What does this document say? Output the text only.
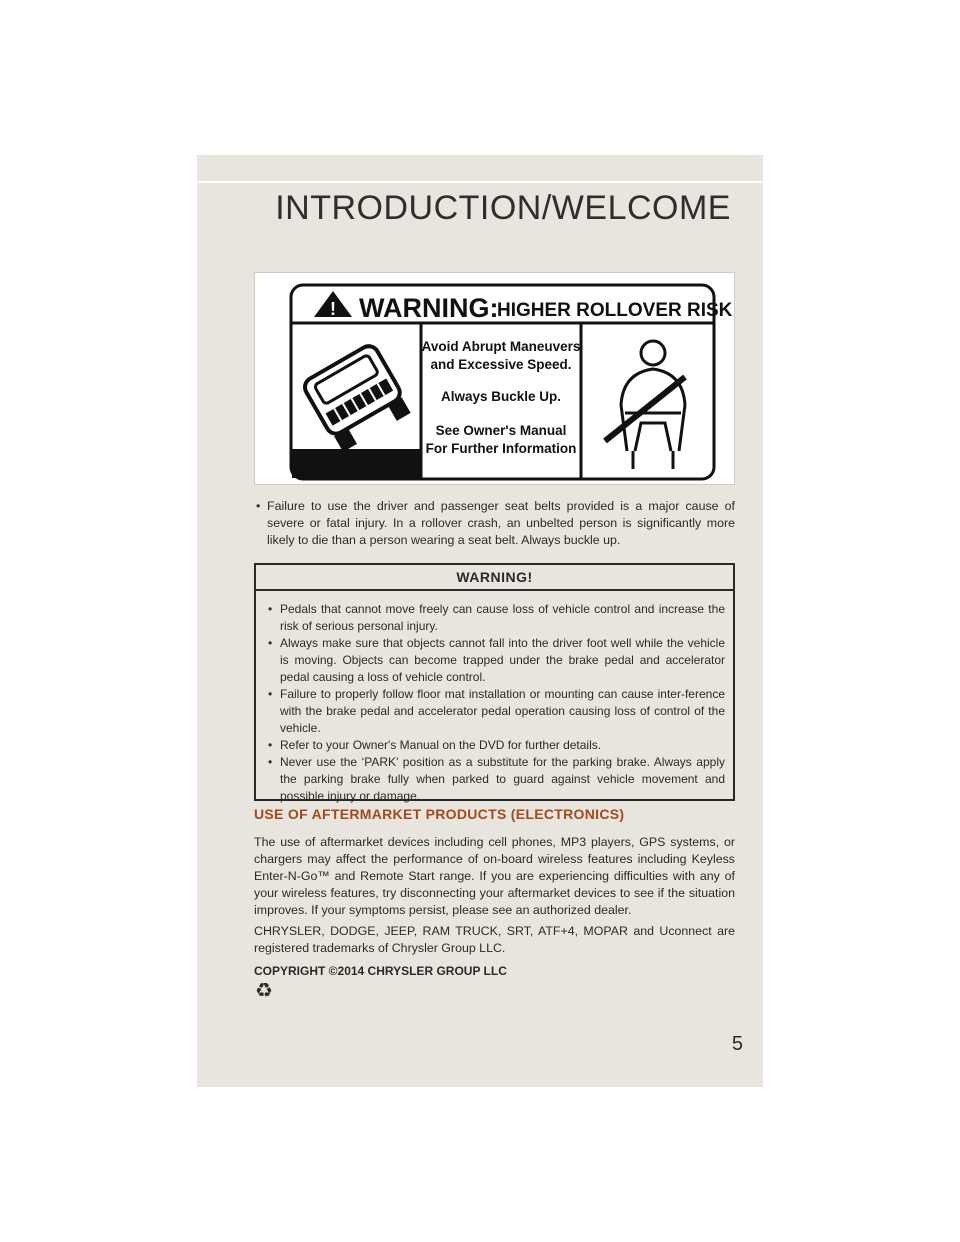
INTRODUCTION/WELCOME
! WARNING:
HIGHER ROLLOVER RISK
Avoid Abrupt Maneuvers
and Excessive Speed.
Always Buckle Up.
See Owner's Manual
For Further Information
• Failure to use the driver and passenger seat belts provided is a major cause of severe or fatal injury. In a rollover crash, an unbelted person is significantly more likely to die than a person wearing a seat belt. Always buckle up.
WARNING!
• Pedals that cannot move freely can cause loss of vehicle control and increase the risk of serious personal injury.
• Always make sure that objects cannot fall into the driver foot well while the vehicle is moving. Objects can become trapped under the brake pedal and accelerator pedal causing a loss of vehicle control.
• Failure to properly follow floor mat installation or mounting can cause inter-ference with the brake pedal and accelerator pedal operation causing loss of control of the vehicle.
• Refer to your Owner's Manual on the DVD for further details.
• Never use the ‘PARK’ position as a substitute for the parking brake. Always apply the parking brake fully when parked to guard against vehicle movement and possible injury or damage.
USE OF AFTERMARKET PRODUCTS (ELECTRONICS)
The use of aftermarket devices including cell phones, MP3 players, GPS systems, or chargers may affect the performance of on-board wireless features including Keyless Enter-N-Go™ and Remote Start range. If you are experiencing difficulties with any of your wireless features, try disconnecting your aftermarket devices to see if the situation improves. If your symptoms persist, please see an authorized dealer.
CHRYSLER, DODGE, JEEP, RAM TRUCK, SRT, ATF+4, MOPAR and Uconnect are registered trademarks of Chrysler Group LLC.
COPYRIGHT ©2014 CHRYSLER GROUP LLC
♻
5
